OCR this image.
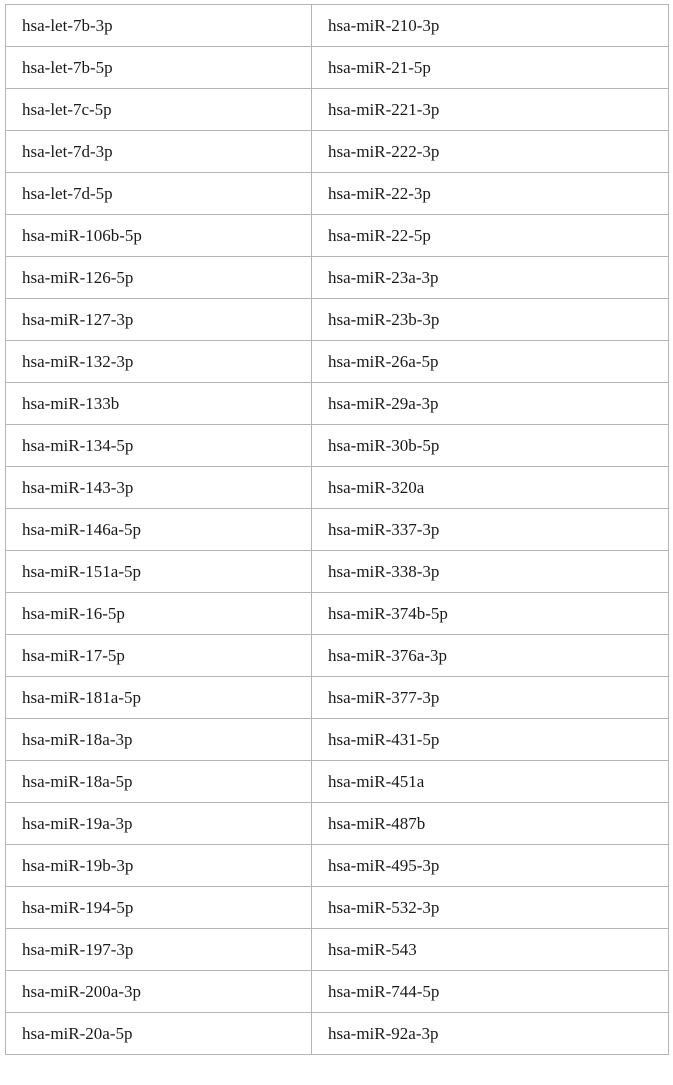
hsa-let-7b-3p	hsa-miR-210-3p
hsa-let-7b-5p	hsa-miR-21-5p
hsa-let-7c-5p	hsa-miR-221-3p
hsa-let-7d-3p	hsa-miR-222-3p
hsa-let-7d-5p	hsa-miR-22-3p
hsa-miR-106b-5p	hsa-miR-22-5p
hsa-miR-126-5p	hsa-miR-23a-3p
hsa-miR-127-3p	hsa-miR-23b-3p
hsa-miR-132-3p	hsa-miR-26a-5p
hsa-miR-133b	hsa-miR-29a-3p
hsa-miR-134-5p	hsa-miR-30b-5p
hsa-miR-143-3p	hsa-miR-320a
hsa-miR-146a-5p	hsa-miR-337-3p
hsa-miR-151a-5p	hsa-miR-338-3p
hsa-miR-16-5p	hsa-miR-374b-5p
hsa-miR-17-5p	hsa-miR-376a-3p
hsa-miR-181a-5p	hsa-miR-377-3p
hsa-miR-18a-3p	hsa-miR-431-5p
hsa-miR-18a-5p	hsa-miR-451a
hsa-miR-19a-3p	hsa-miR-487b
hsa-miR-19b-3p	hsa-miR-495-3p
hsa-miR-194-5p	hsa-miR-532-3p
hsa-miR-197-3p	hsa-miR-543
hsa-miR-200a-3p	hsa-miR-744-5p
hsa-miR-20a-5p	hsa-miR-92a-3p
